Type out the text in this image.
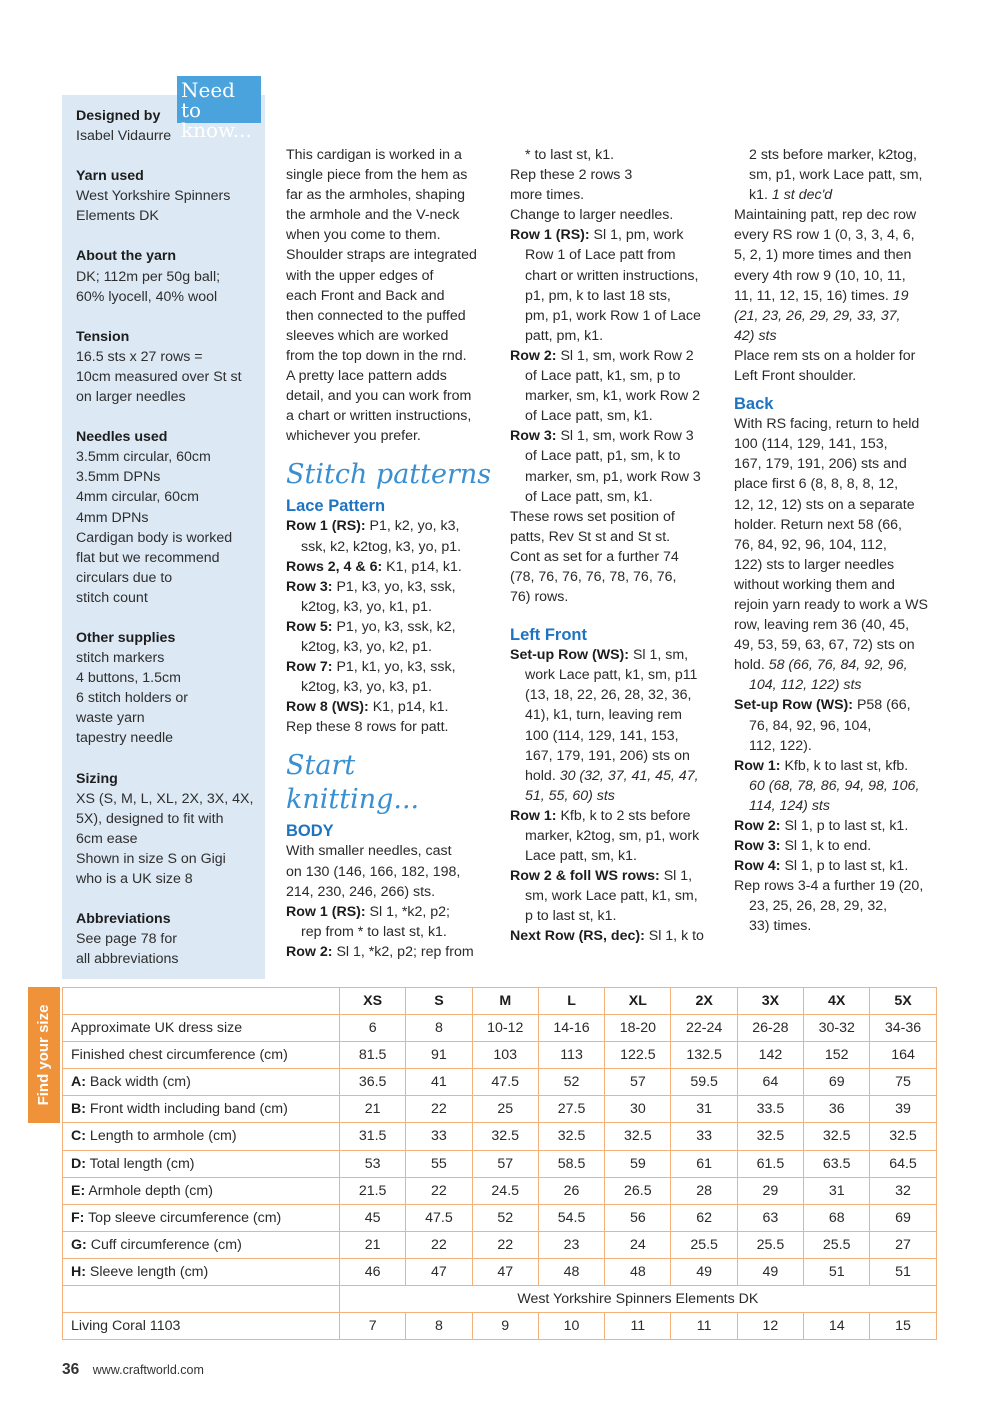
Designed by
Isabel Vidaurre
Yarn used
West Yorkshire Spinners
Elements DK
About the yarn
DK; 112m per 50g ball;
60% lyocell, 40% wool
Tension
16.5 sts x 27 rows =
10cm measured over St st
on larger needles
Needles used
3.5mm circular, 60cm
3.5mm DPNs
4mm circular, 60cm
4mm DPNs
Cardigan body is worked
flat but we recommend
circulars due to
stitch count
Other supplies
stitch markers
4 buttons, 1.5cm
6 stitch holders or
waste yarn
tapestry needle
Sizing
XS (S, M, L, XL, 2X, 3X, 4X,
5X), designed to fit with
6cm ease
Shown in size S on Gigi
who is a UK size 8
Abbreviations
See page 78 for
all abbreviations
Need to
know...
This cardigan is worked in a
single piece from the hem as
far as the armholes, shaping
the armhole and the V-neck
when you come to them.
Shoulder straps are integrated
with the upper edges of
each Front and Back and
then connected to the puffed
sleeves which are worked
from the top down in the rnd.
A pretty lace pattern adds
detail, and you can work from
a chart or written instructions,
whichever you prefer.
Stitch patterns
Lace Pattern
Row 1 (RS): P1, k2, yo, k3,
ssk, k2, k2tog, k3, yo, p1.
Rows 2, 4 & 6: K1, p14, k1.
Row 3: P1, k3, yo, k3, ssk,
k2tog, k3, yo, k1, p1.
Row 5: P1, yo, k3, ssk, k2,
k2tog, k3, yo, k2, p1.
Row 7: P1, k1, yo, k3, ssk,
k2tog, k3, yo, k3, p1.
Row 8 (WS): K1, p14, k1.
Rep these 8 rows for patt.
Start knitting...
BODY
With smaller needles, cast
on 130 (146, 166, 182, 198,
214, 230, 246, 266) sts.
Row 1 (RS): Sl 1, *k2, p2;
rep from * to last st, k1.
Row 2: Sl 1, *k2, p2; rep from
* to last st, k1.
Rep these 2 rows 3
more times.
Change to larger needles.
Row 1 (RS): Sl 1, pm, work
Row 1 of Lace patt from
chart or written instructions,
p1, pm, k to last 18 sts,
pm, p1, work Row 1 of Lace
patt, pm, k1.
Row 2: Sl 1, sm, work Row 2
of Lace patt, k1, sm, p to
marker, sm, k1, work Row 2
of Lace patt, sm, k1.
Row 3: Sl 1, sm, work Row 3
of Lace patt, p1, sm, k to
marker, sm, p1, work Row 3
of Lace patt, sm, k1.
These rows set position of
patts, Rev St st and St st.
Cont as set for a further 74
(78, 76, 76, 76, 78, 76, 76,
76) rows.
Left Front
Set-up Row (WS): Sl 1, sm,
work Lace patt, k1, sm, p11
(13, 18, 22, 26, 28, 32, 36,
41), k1, turn, leaving rem
100 (114, 129, 141, 153,
167, 179, 191, 206) sts on
hold. 30 (32, 37, 41, 45, 47,
51, 55, 60) sts
Row 1: Kfb, k to 2 sts before
marker, k2tog, sm, p1, work
Lace patt, sm, k1.
Row 2 & foll WS rows: Sl 1,
sm, work Lace patt, k1, sm,
p to last st, k1.
Next Row (RS, dec): Sl 1, k to
2 sts before marker, k2tog,
sm, p1, work Lace patt, sm,
k1. 1 st dec'd
Maintaining patt, rep dec row
every RS row 1 (0, 3, 3, 4, 6,
5, 2, 1) more times and then
every 4th row 9 (10, 10, 11,
11, 11, 12, 15, 16) times. 19
(21, 23, 26, 29, 29, 33, 37,
42) sts
Place rem sts on a holder for
Left Front shoulder.
Back
With RS facing, return to held
100 (114, 129, 141, 153,
167, 179, 191, 206) sts and
place first 6 (8, 8, 8, 8, 12,
12, 12, 12) sts on a separate
holder. Return next 58 (66,
76, 84, 92, 96, 104, 112,
122) sts to larger needles
without working them and
rejoin yarn ready to work a WS
row, leaving rem 36 (40, 45,
49, 53, 59, 63, 67, 72) sts on
hold. 58 (66, 76, 84, 92, 96,
104, 112, 122) sts
Set-up Row (WS): P58 (66,
76, 84, 92, 96, 104,
112, 122).
Row 1: Kfb, k to last st, kfb.
60 (68, 78, 86, 94, 98, 106,
114, 124) sts
Row 2: Sl 1, p to last st, k1.
Row 3: Sl 1, k to end.
Row 4: Sl 1, p to last st, k1.
Rep rows 3-4 a further 19 (20,
23, 25, 26, 28, 29, 32,
33) times.
Find your size
	XS	S	M	L	XL	2X	3X	4X	5X
Approximate UK dress size	6	8	10-12	14-16	18-20	22-24	26-28	30-32	34-36
Finished chest circumference (cm)	81.5	91	103	113	122.5	132.5	142	152	164
A: Back width (cm)	36.5	41	47.5	52	57	59.5	64	69	75
B: Front width including band (cm)	21	22	25	27.5	30	31	33.5	36	39
C: Length to armhole (cm)	31.5	33	32.5	32.5	32.5	33	32.5	32.5	32.5
D: Total length (cm)	53	55	57	58.5	59	61	61.5	63.5	64.5
E: Armhole depth (cm)	21.5	22	24.5	26	26.5	28	29	31	32
F: Top sleeve circumference (cm)	45	47.5	52	54.5	56	62	63	68	69
G: Cuff circumference (cm)	21	22	22	23	24	25.5	25.5	25.5	27
H: Sleeve length (cm)	46	47	47	48	48	49	49	51	51
	West Yorkshire Spinners Elements DK								
Living Coral 1103	7	8	9	10	11	11	12	14	15
36 www.craftworld.com
